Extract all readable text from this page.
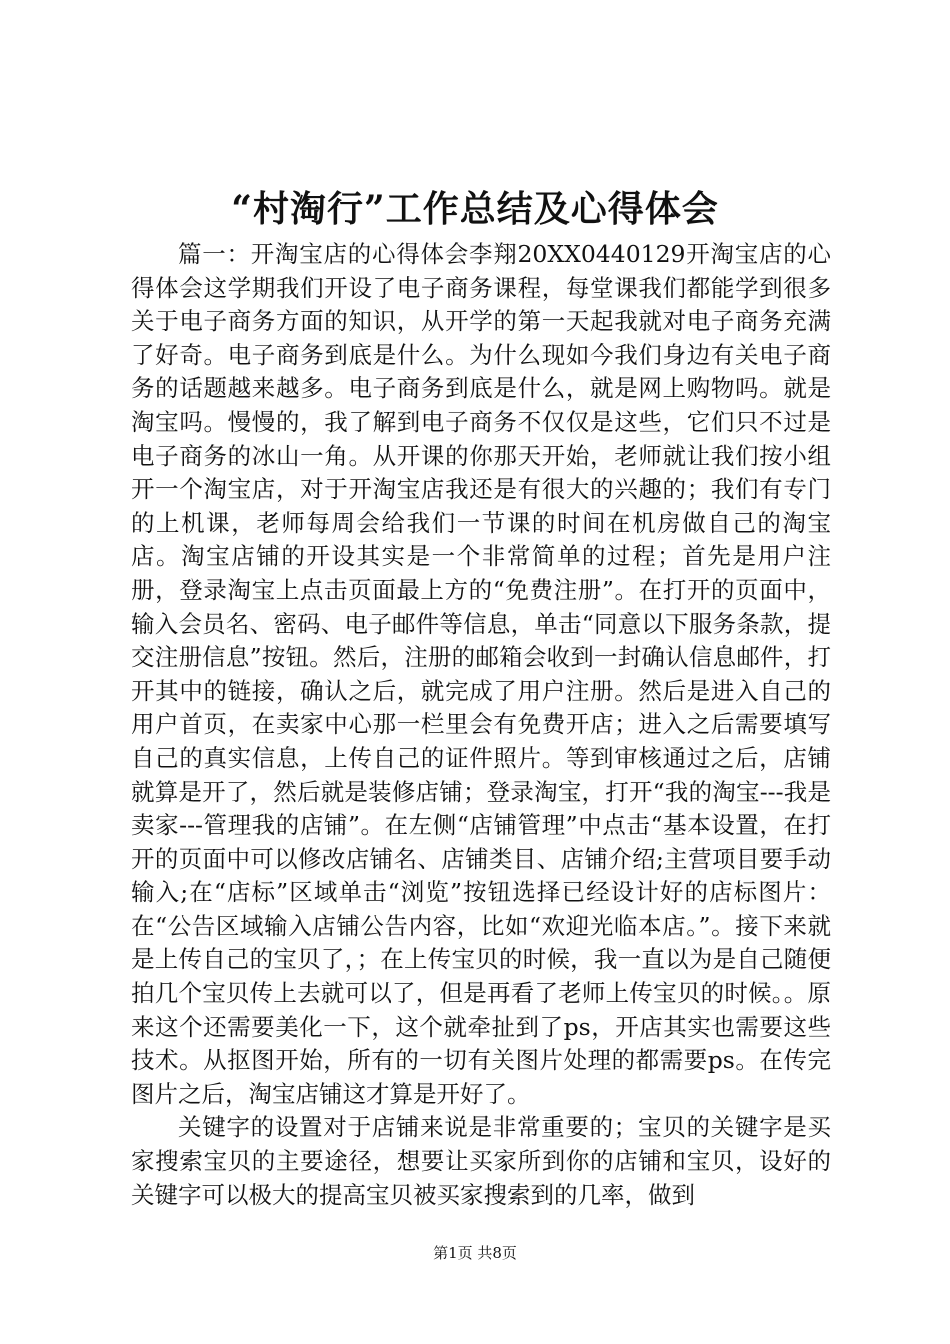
“村淘行”工作总结及心得体会

篇一：开淘宝店的心得体会李翔20XX0440129开淘宝店的心得体会这学期我们开设了电子商务课程，每堂课我们都能学到很多关于电子商务方面的知识，从开学的第一天起我就对电子商务充满了好奇。电子商务到底是什么。为什么现如今我们身边有关电子商务的话题越来越多。电子商务到底是什么，就是网上购物吗。就是淘宝吗。慢慢的，我了解到电子商务不仅仅是这些，它们只不过是电子商务的冰山一角。从开课的你那天开始，老师就让我们按小组开一个淘宝店，对于开淘宝店我还是有很大的兴趣的；我们有专门的上机课，老师每周会给我们一节课的时间在机房做自己的淘宝店。淘宝店铺的开设其实是一个非常简单的过程；首先是用户注册，登录淘宝上点击页面最上方的“免费注册”。在打开的页面中，输入会员名、密码、电子邮件等信息，单击“同意以下服务条款，提交注册信息”按钮。然后，注册的邮箱会收到一封确认信息邮件，打开其中的链接，确认之后，就完成了用户注册。然后是进入自己的用户首页，在卖家中心那一栏里会有免费开店；进入之后需要填写自己的真实信息，上传自己的证件照片。等到审核通过之后，店铺就算是开了，然后就是装修店铺；登录淘宝，打开“我的淘宝---我是卖家---管理我的店铺”。在左侧“店铺管理”中点击“基本设置，在打开的页面中可以修改店铺名、店铺类目、店铺介绍;主营项目要手动输入;在“店标”区域单击“浏览”按钮选择已经设计好的店标图片：在“公告区域输入店铺公告内容，比如“欢迎光临本店。”。接下来就是上传自己的宝贝了，；在上传宝贝的时候，我一直以为是自己随便拍几个宝贝传上去就可以了，但是再看了老师上传宝贝的时候。。原来这个还需要美化一下，这个就牵扯到了ps，开店其实也需要这些技术。从抠图开始，所有的一切有关图片处理的都需要ps。在传完图片之后，淘宝店铺这才算是开好了。

关键字的设置对于店铺来说是非常重要的；宝贝的关键字是买家搜索宝贝的主要途径，想要让买家所到你的店铺和宝贝，设好的关键字可以极大的提高宝贝被买家搜索到的几率，做到

第1页 共8页
